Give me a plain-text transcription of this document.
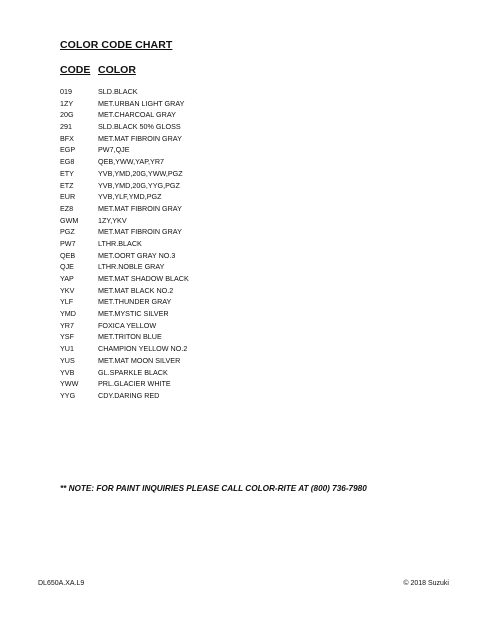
COLOR CODE CHART
CODE COLOR
019	SLD.BLACK
1ZY	MET.URBAN LIGHT GRAY
20G	MET.CHARCOAL GRAY
291	SLD.BLACK 50% GLOSS
BFX	MET.MAT FIBROIN GRAY
EGP	PW7,QJE
EG8	QEB,YWW,YAP,YR7
ETY	YVB,YMD,20G,YWW,PGZ
ETZ	YVB,YMD,20G,YYG,PGZ
EUR	YVB,YLF,YMD,PGZ
EZ8	MET.MAT FIBROIN GRAY
GWM	1ZY,YKV
PGZ	MET.MAT FIBROIN GRAY
PW7	LTHR.BLACK
QEB	MET.OORT GRAY NO.3
QJE	LTHR.NOBLE GRAY
YAP	MET.MAT SHADOW BLACK
YKV	MET.MAT BLACK NO.2
YLF	MET.THUNDER GRAY
YMD	MET.MYSTIC SILVER
YR7	FOXICA YELLOW
YSF	MET.TRITON BLUE
YU1	CHAMPION YELLOW NO.2
YUS	MET.MAT MOON SILVER
YVB	GL.SPARKLE BLACK
YWW	PRL.GLACIER WHITE
YYG	CDY.DARING RED
** NOTE: FOR PAINT INQUIRIES PLEASE CALL COLOR-RITE AT (800) 736-7980
DL650A.XA.L9	© 2018 Suzuki
